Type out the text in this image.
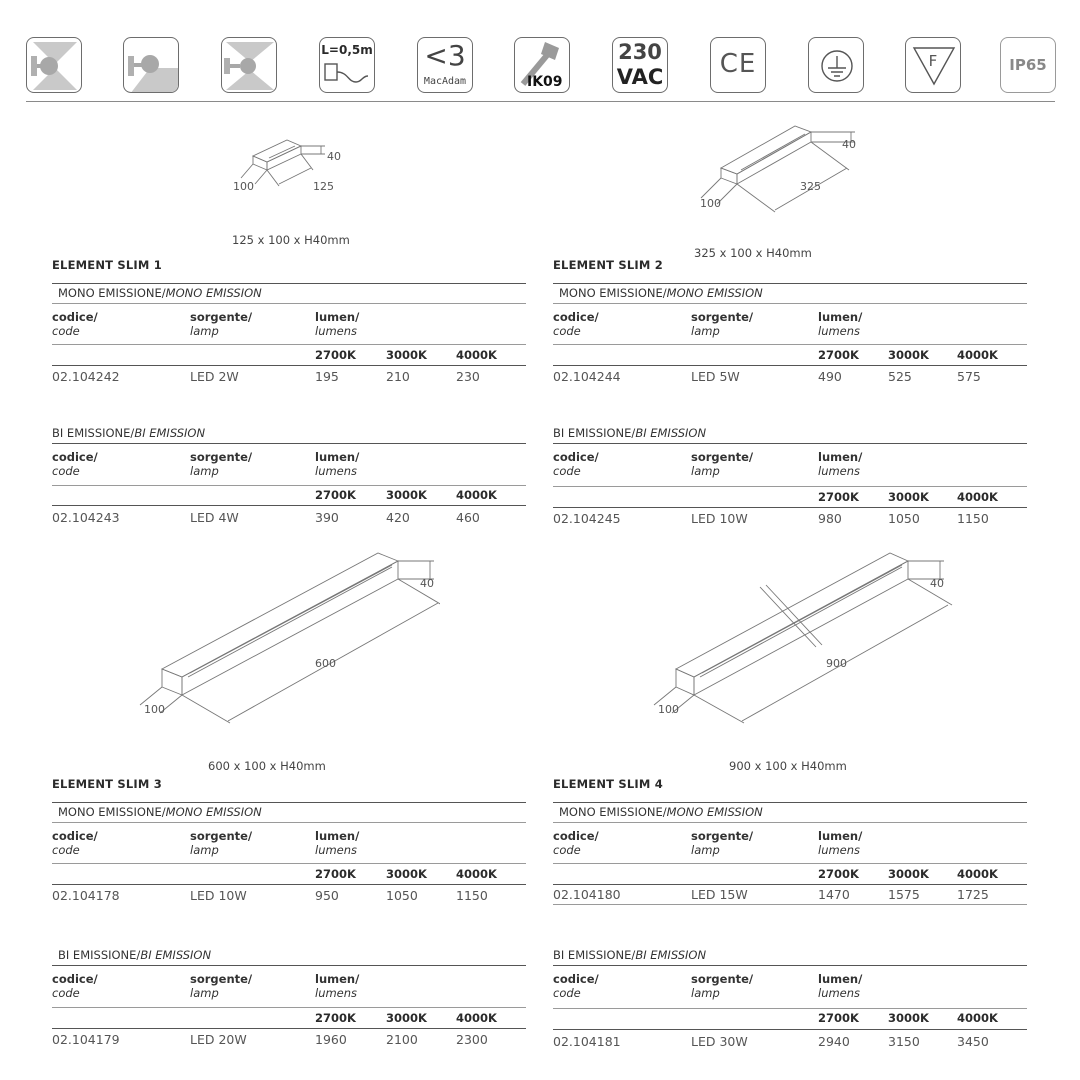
L=0,5m <3
MacAdam	IK09
230
VAC	CE	F	IP65
40
100	125
125 x 100 x H40mm
40
100
325
325 x 100 x H40mm
40
100
600
600 x 100 x H40mm
40
100
900
900 x 100 x H40mm
ELEMENT SLIM 1
MONO EMISSIONE/MONO EMISSION
codice/
code
sorgente/
lamp
lumen/
lumens
2700K	3000K	4000K
02.104242	LED 2W	195	210	230
BI EMISSIONE/BI EMISSION
codice/
code
sorgente/
lamp
lumen/
lumens
2700K	3000K	4000K
02.104243	LED 4W	390	420	460
ELEMENT SLIM 2
MONO EMISSIONE/MONO EMISSION
codice/
code
sorgente/
lamp
lumen/
lumens
2700K	3000K 4000K
02.104244	LED 5W	490	525	575
BI EMISSIONE/BI EMISSION
codice/
code
sorgente/
lamp
lumen/
lumens
2700K	3000K 4000K
02.104245	LED 10W	980	1050	1150
ELEMENT SLIM 3
MONO EMISSIONE/MONO EMISSION
codice/
code
sorgente/
lamp
lumen/
lumens
2700K	3000K	4000K
02.104178	LED 10W	950	1050	1150
BI EMISSIONE/BI EMISSION
codice/
code
sorgente/
lamp
lumen/
lumens
2700K	3000K	4000K
02.104179	LED 20W	1960	2100	2300
ELEMENT SLIM 4
MONO EMISSIONE/MONO EMISSION
codice/
code
sorgente/
lamp
lumen/
lumens
2700K	3000K 4000K
02.104180	LED 15W	1470	1575	1725
BI EMISSIONE/BI EMISSION
codice/
code
sorgente/
lamp
lumen/
lumens
2700K	3000K 4000K
02.104181	LED 30W	2940	3150	3450
